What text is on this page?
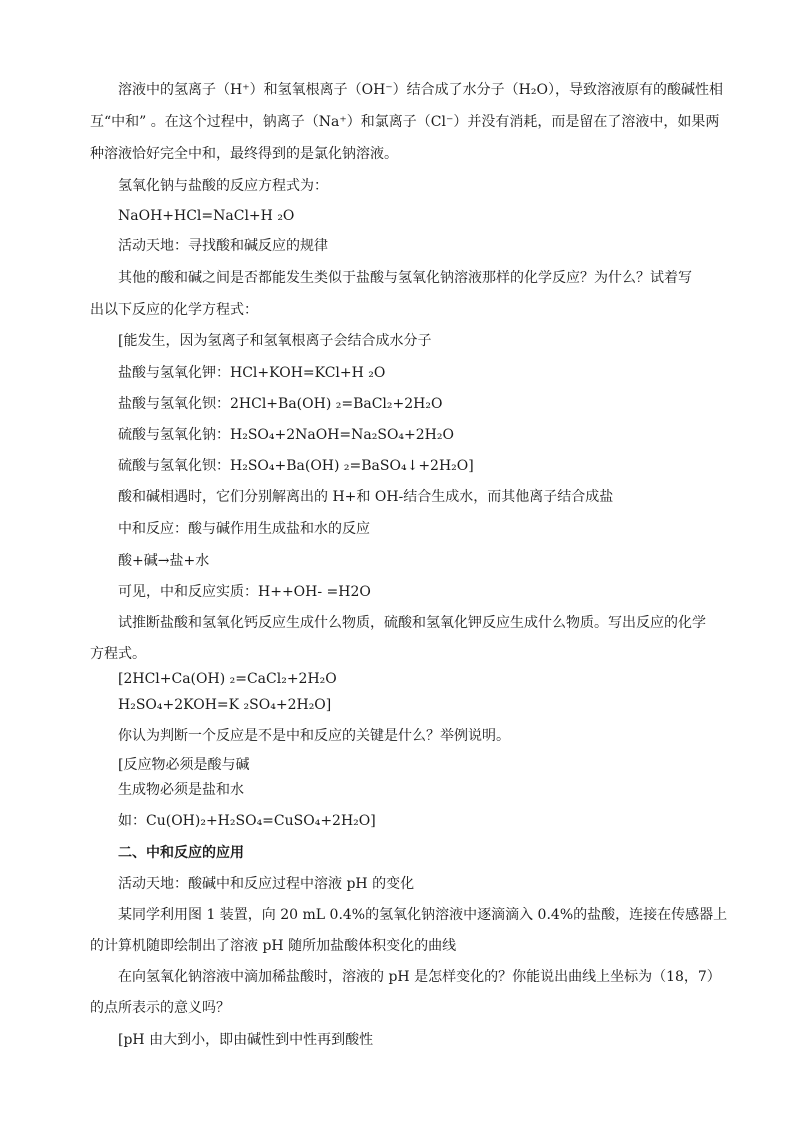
溶液中的氢离子（H⁺）和氢氧根离子（OH⁻）结合成了水分子（H₂O），导致溶液原有的酸碱性相
互“中和” 。在这个过程中，钠离子（Na⁺）和氯离子（Cl⁻）并没有消耗，而是留在了溶液中，如果两
种溶液恰好完全中和，最终得到的是氯化钠溶液。
氢氧化钠与盐酸的反应方程式为：
NaOH+HCl=NaCl+H ₂O
活动天地：寻找酸和碱反应的规律
其他的酸和碱之间是否都能发生类似于盐酸与氢氧化钠溶液那样的化学反应？为什么？试着写
出以下反应的化学方程式：
[能发生，因为氢离子和氢氧根离子会结合成水分子
盐酸与氢氧化钾：HCl+KOH=KCl+H ₂O
盐酸与氢氧化钡：2HCl+Ba(OH) ₂=BaCl₂+2H₂O
硫酸与氢氧化钠：H₂SO₄+2NaOH=Na₂SO₄+2H₂O
硫酸与氢氧化钡：H₂SO₄+Ba(OH) ₂=BaSO₄↓+2H₂O]
酸和碱相遇时，它们分别解离出的 H+和 OH-结合生成水，而其他离子结合成盐
中和反应：酸与碱作用生成盐和水的反应
酸+碱→盐+水
可见，中和反应实质：H++OH- =H2O
试推断盐酸和氢氧化钙反应生成什么物质，硫酸和氢氧化钾反应生成什么物质。写出反应的化学
方程式。
[2HCl+Ca(OH) ₂=CaCl₂+2H₂O
H₂SO₄+2KOH=K ₂SO₄+2H₂O]
你认为判断一个反应是不是中和反应的关键是什么？举例说明。
[反应物必须是酸与碱
生成物必须是盐和水
如：Cu(OH)₂+H₂SO₄=CuSO₄+2H₂O]
二、中和反应的应用
活动天地：酸碱中和反应过程中溶液 pH 的变化
某同学利用图 1 装置，向 20 mL 0.4%的氢氧化钠溶液中逐滴滴入 0.4%的盐酸，连接在传感器上
的计算机随即绘制出了溶液 pH 随所加盐酸体积变化的曲线
在向氢氧化钠溶液中滴加稀盐酸时，溶液的 pH 是怎样变化的？你能说出曲线上坐标为（18，7）
的点所表示的意义吗？
[pH 由大到小，即由碱性到中性再到酸性
